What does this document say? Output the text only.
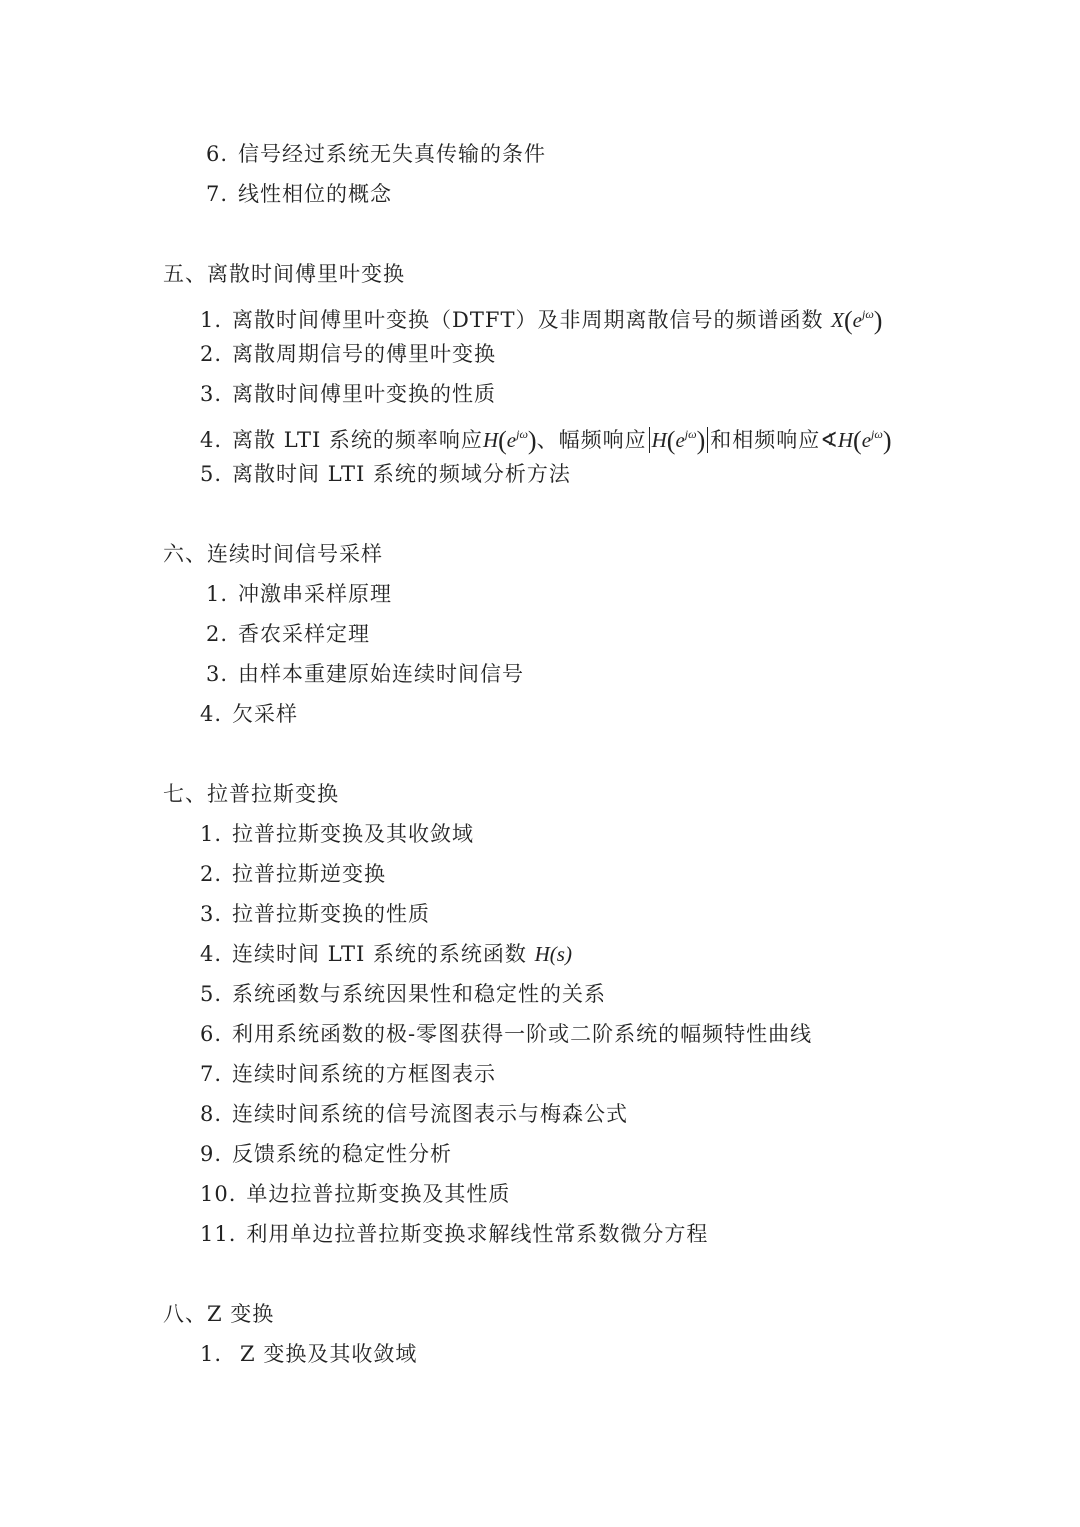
6. 信号经过系统无失真传输的条件
7. 线性相位的概念
五、离散时间傅里叶变换
1. 离散时间傅里叶变换（DTFT）及非周期离散信号的频谱函数 $X(e^{j\omega})$
2. 离散周期信号的傅里叶变换
3. 离散时间傅里叶变换的性质
4. 离散 LTI 系统的频率响应$H(e^{j\omega})$、幅频响应 $H(e^{j\omega})$ 和相频响应$∢H(e^{j\omega})$
5. 离散时间 LTI 系统的频域分析方法
六、连续时间信号采样
1. 冲激串采样原理
2. 香农采样定理
3. 由样本重建原始连续时间信号
4. 欠采样
七、拉普拉斯变换
1. 拉普拉斯变换及其收敛域
2. 拉普拉斯逆变换
3. 拉普拉斯变换的性质
4. 连续时间 LTI 系统的系统函数 H(s)
5. 系统函数与系统因果性和稳定性的关系
6. 利用系统函数的极-零图获得一阶或二阶系统的幅频特性曲线
7. 连续时间系统的方框图表示
8. 连续时间系统的信号流图表示与梅森公式
9. 反馈系统的稳定性分析
10. 单边拉普拉斯变换及其性质
11. 利用单边拉普拉斯变换求解线性常系数微分方程
八、Z 变换
1. Z 变换及其收敛域
